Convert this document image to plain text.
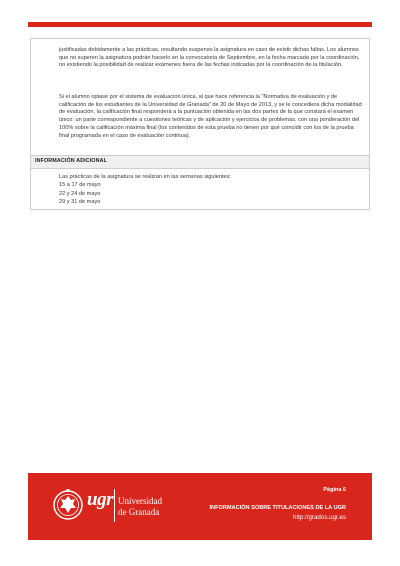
justificadas debidamente a las prácticas, resultando suspenso la asignatura en caso de existir dichas faltas. Los alumnos que no superen la asignatura podrán hacerlo en la convocatoria de Septiembre, en la fecha marcada por la coordinación, no existiendo la posibilidad de realizar exámenes fuera de las fechas indicadas por la coordinación de la titulación.

Si el alumno optase por el sistema de evaluación única, al que hace referencia la "Normativa de evaluación y de calificación de los estudiantes de la Universidad de Granada" de 20 de Mayo de 2013, y se le concediera dicha modalidad de evaluación, la calificación final responderá a la puntuación obtenida en las dos partes de la que constará el examen único: un parte correspondiente a cuestiones teóricas y de aplicación y ejercicios de problemas, con una ponderación del 100% sobre la calificación máxima final (los contenidos de esta prueba no tienen por qué coincidir con los de la prueba final programada en el caso de evaluación continua).

INFORMACIÓN ADICIONAL
Las prácticas de la asignatura se realizan en las semanas siguientes:
15 a 17 de mayo
22 y 24 de mayo
29 y 31 de mayo
ugr Universidad
de Granada
Página 6
INFORMACIÓN SOBRE TITULACIONES DE LA UGR
http://grados.ugr.es
